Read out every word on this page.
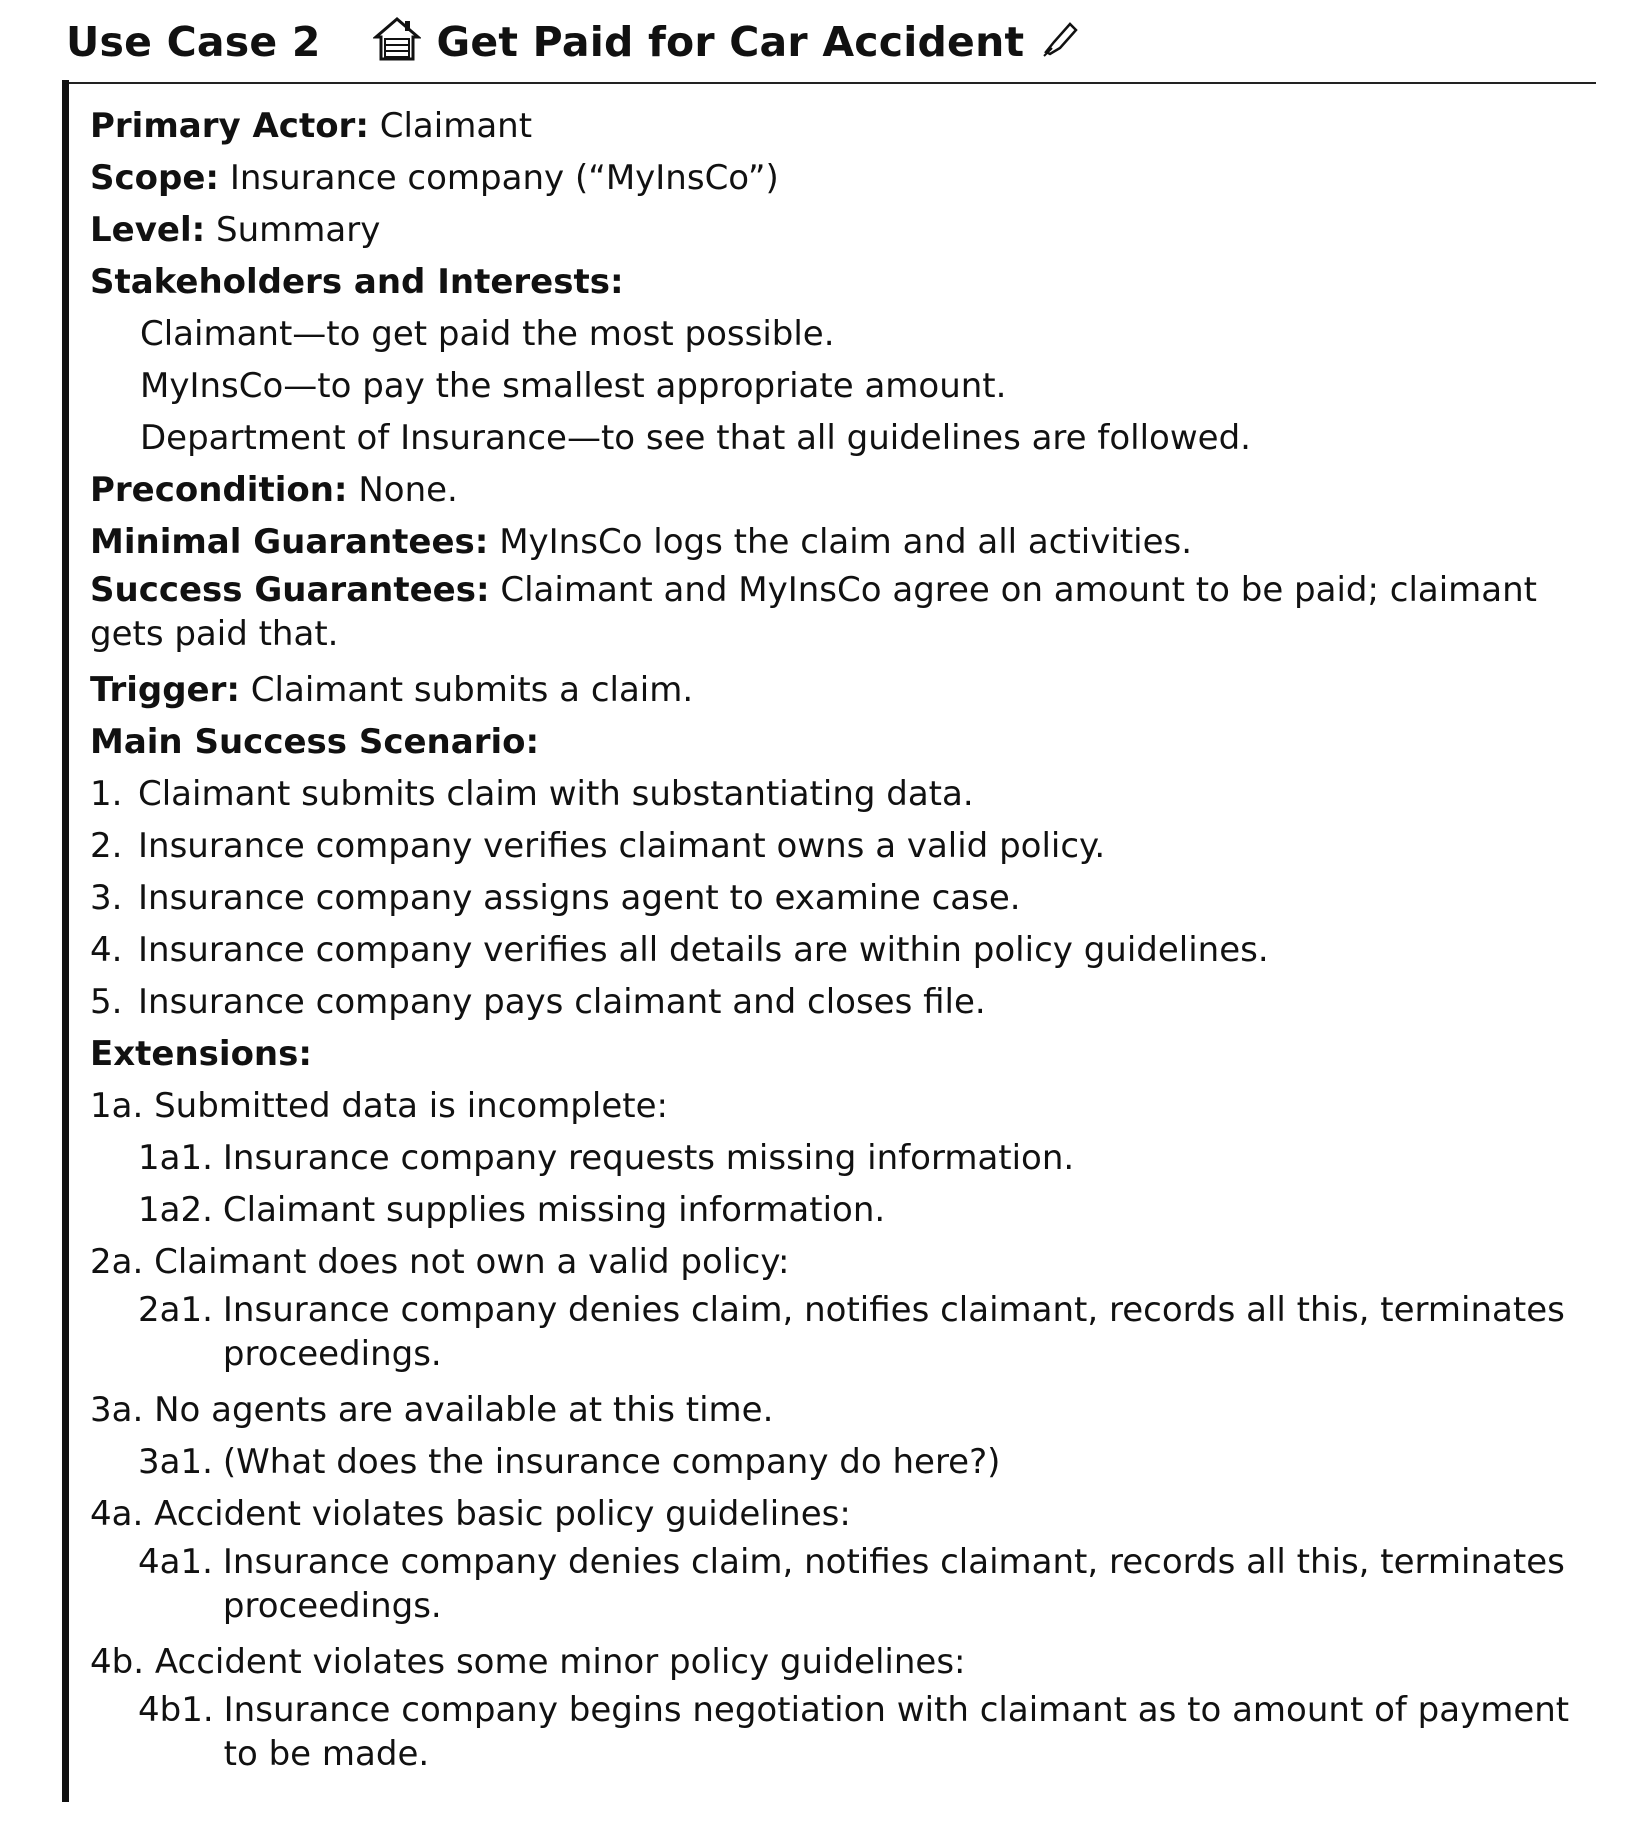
Use Case 2	Get Paid for Car Accident

Primary Actor: Claimant

Scope: Insurance company (“MyInsCo”)

Level: Summary

Stakeholders and Interests:

Claimant—to get paid the most possible.

MyInsCo—to pay the smallest appropriate amount.

Department of Insurance—to see that all guidelines are followed.

Precondition: None.

Minimal Guarantees: MyInsCo logs the claim and all activities.

Success Guarantees: Claimant and MyInsCo agree on amount to be paid; claimant gets paid that.

Trigger: Claimant submits a claim.

Main Success Scenario:

1. Claimant submits claim with substantiating data.

2. Insurance company verifies claimant owns a valid policy.

3. Insurance company assigns agent to examine case.

4. Insurance company verifies all details are within policy guidelines.

5. Insurance company pays claimant and closes file.

Extensions:

1a. Submitted data is incomplete:

1a1. Insurance company requests missing information.

1a2. Claimant supplies missing information.

2a. Claimant does not own a valid policy:

2a1. Insurance company denies claim, notifies claimant, records all this, terminates proceedings.

3a. No agents are available at this time.

3a1. (What does the insurance company do here?)

4a. Accident violates basic policy guidelines:

4a1. Insurance company denies claim, notifies claimant, records all this, terminates proceedings.

4b. Accident violates some minor policy guidelines:

4b1. Insurance company begins negotiation with claimant as to amount of payment to be made.
